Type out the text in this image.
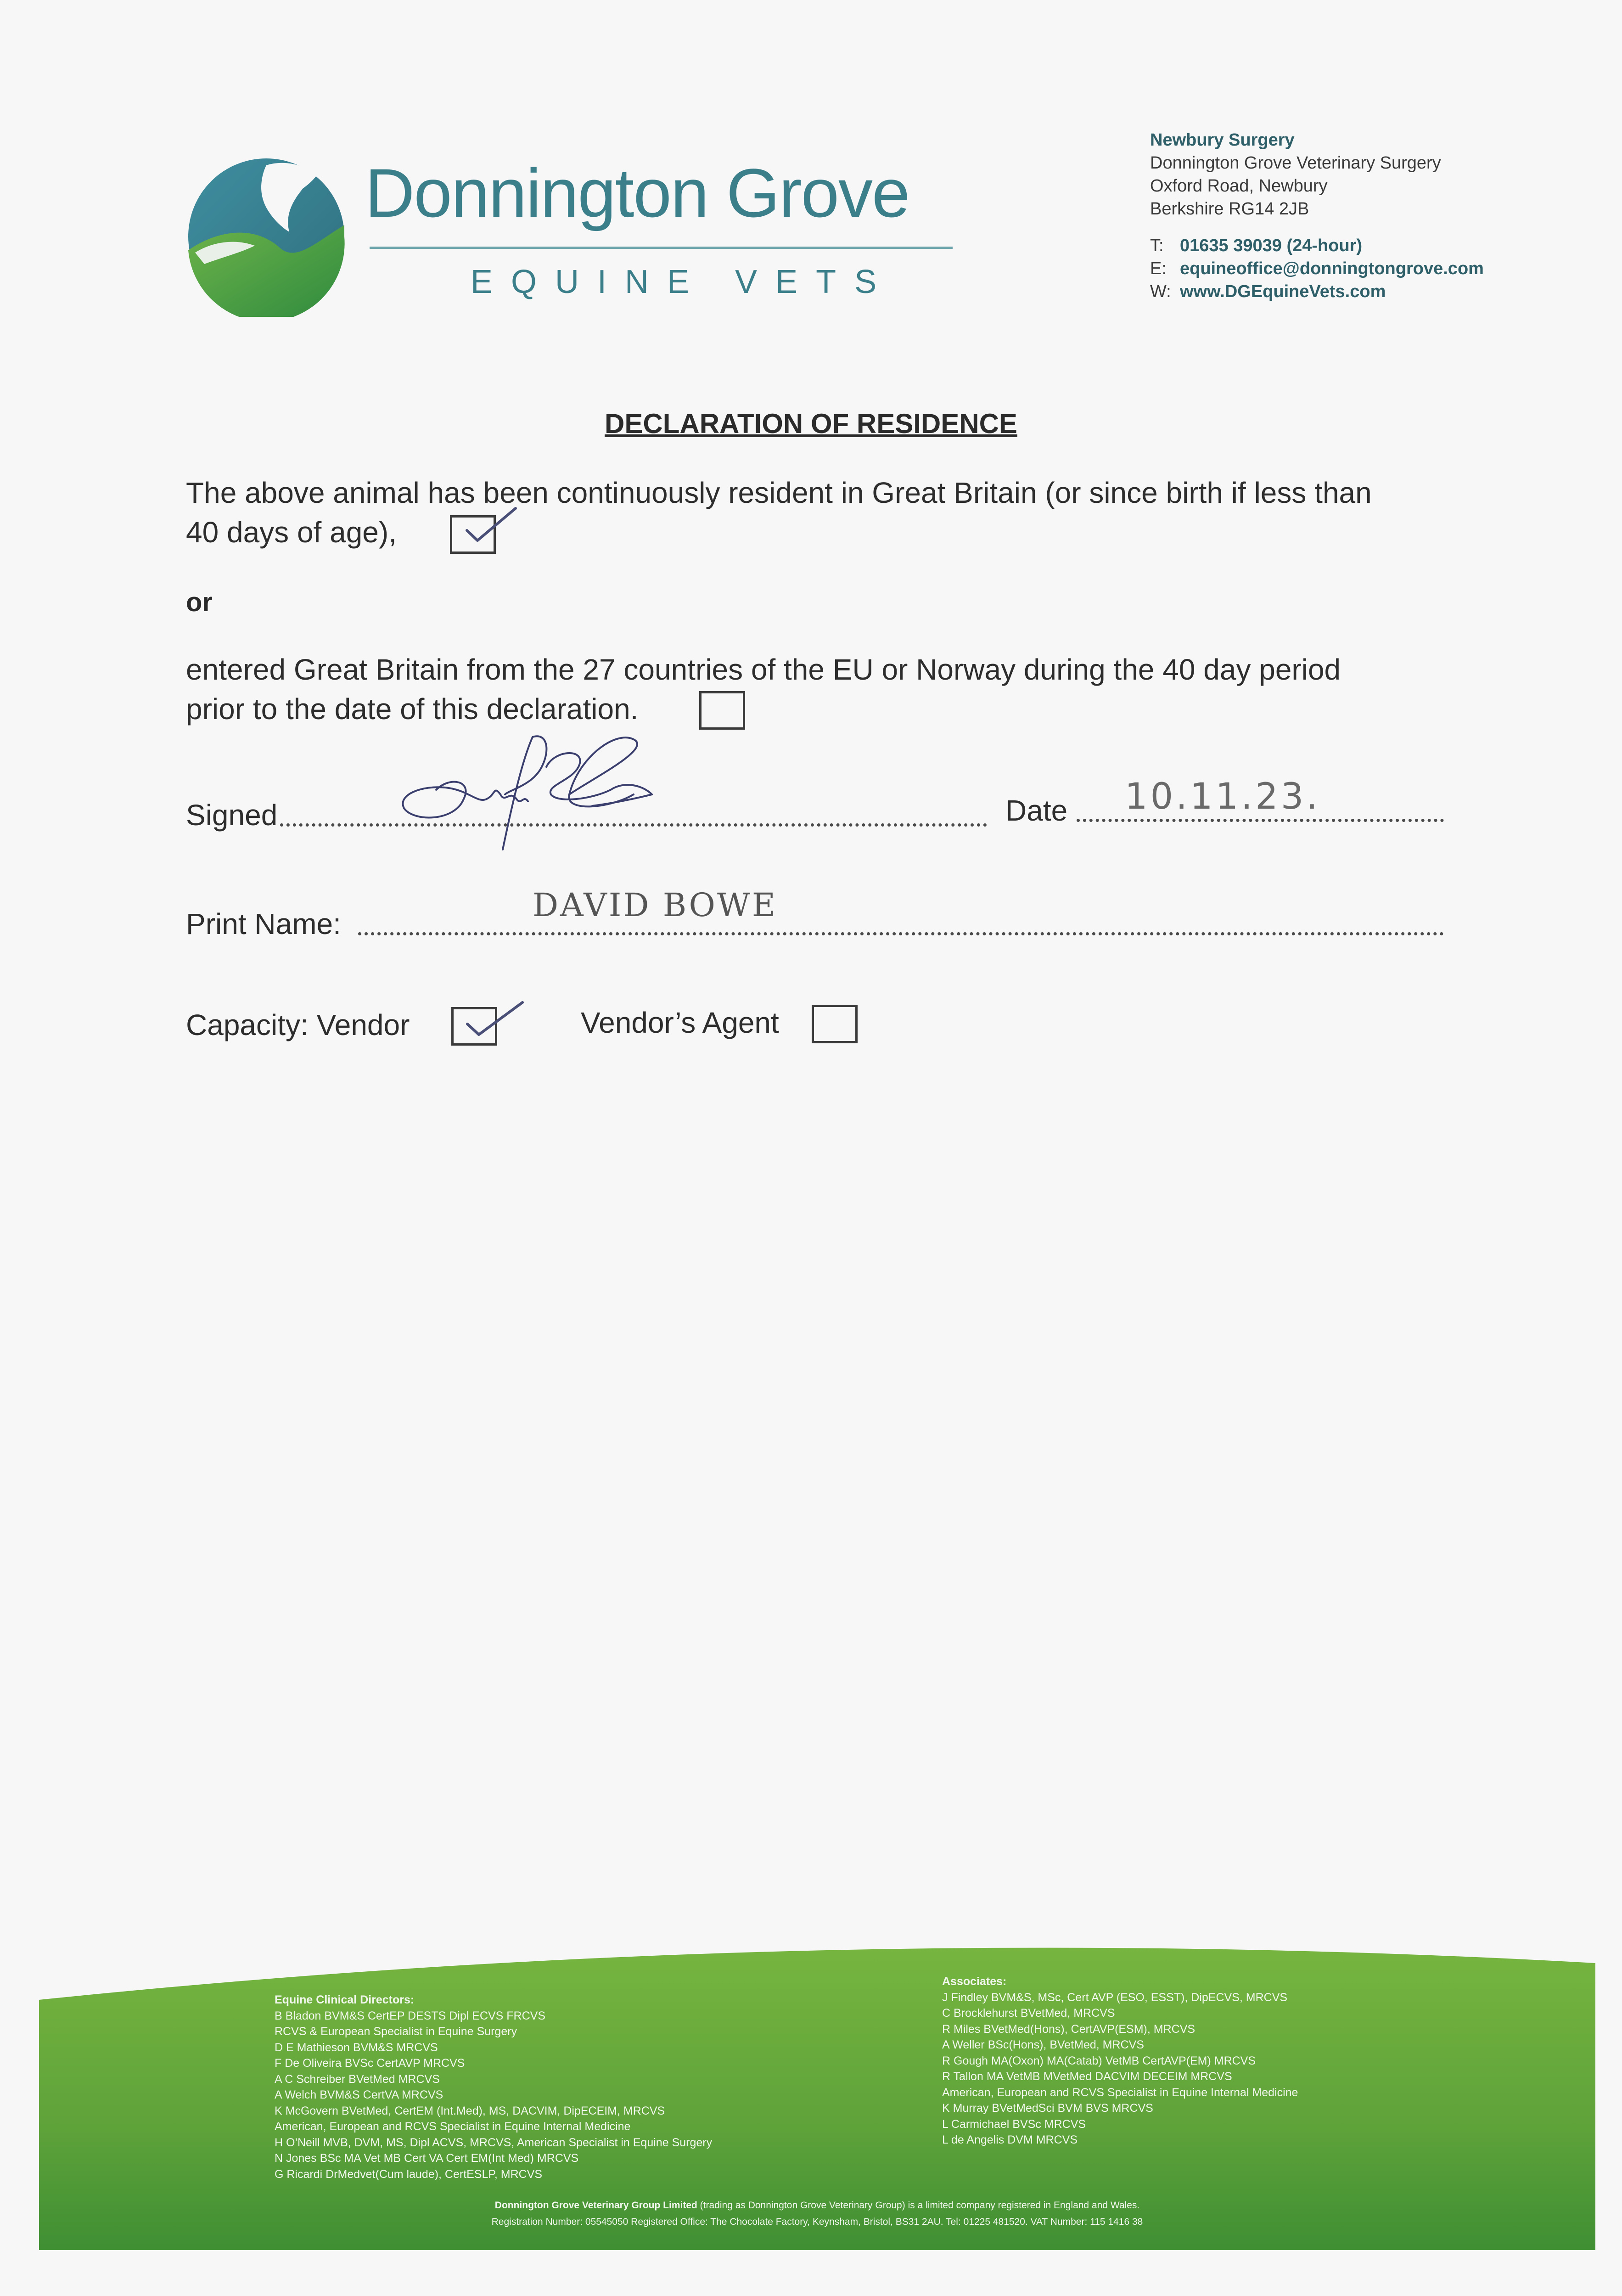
Donnington Grove
EQUINE VETS
Newbury Surgery
Donnington Grove Veterinary Surgery
Oxford Road, Newbury
Berkshire RG14 2JB
T: 01635 39039 (24-hour)
E: equineoffice@donningtongrove.com
W: www.DGEquineVets.com
DECLARATION OF RESIDENCE
The above animal has been continuously resident in Great Britain (or since birth if less than
40 days of age),
or
entered Great Britain from the 27 countries of the EU or Norway during the 40 day period
prior to the date of this declaration.
Signed	Date 10.11.23.
Print Name:	DAVID BOWE
Capacity: Vendor	Vendor’s Agent
Equine Clinical Directors:
B Bladon BVM&S CertEP DESTS Dipl ECVS FRCVS
RCVS & European Specialist in Equine Surgery
D E Mathieson BVM&S MRCVS
F De Oliveira BVSc CertAVP MRCVS
A C Schreiber BVetMed MRCVS
A Welch BVM&S CertVA MRCVS
K McGovern BVetMed, CertEM (Int.Med), MS, DACVIM, DipECEIM, MRCVS
American, European and RCVS Specialist in Equine Internal Medicine
H O’Neill MVB, DVM, MS, Dipl ACVS, MRCVS, American Specialist in Equine Surgery
N Jones BSc MA Vet MB Cert VA Cert EM(Int Med) MRCVS
G Ricardi DrMedvet(Cum laude), CertESLP, MRCVS
Associates:
J Findley BVM&S, MSc, Cert AVP (ESO, ESST), DipECVS, MRCVS
C Brocklehurst BVetMed, MRCVS
R Miles BVetMed(Hons), CertAVP(ESM), MRCVS
A Weller BSc(Hons), BVetMed, MRCVS
R Gough MA(Oxon) MA(Catab) VetMB CertAVP(EM) MRCVS
R Tallon MA VetMB MVetMed DACVIM DECEIM MRCVS
American, European and RCVS Specialist in Equine Internal Medicine
K Murray BVetMedSci BVM BVS MRCVS
L Carmichael BVSc MRCVS
L de Angelis DVM MRCVS
Donnington Grove Veterinary Group Limited (trading as Donnington Grove Veterinary Group) is a limited company registered in England and Wales.
Registration Number: 05545050 Registered Office: The Chocolate Factory, Keynsham, Bristol, BS31 2AU. Tel: 01225 481520. VAT Number: 115 1416 38
